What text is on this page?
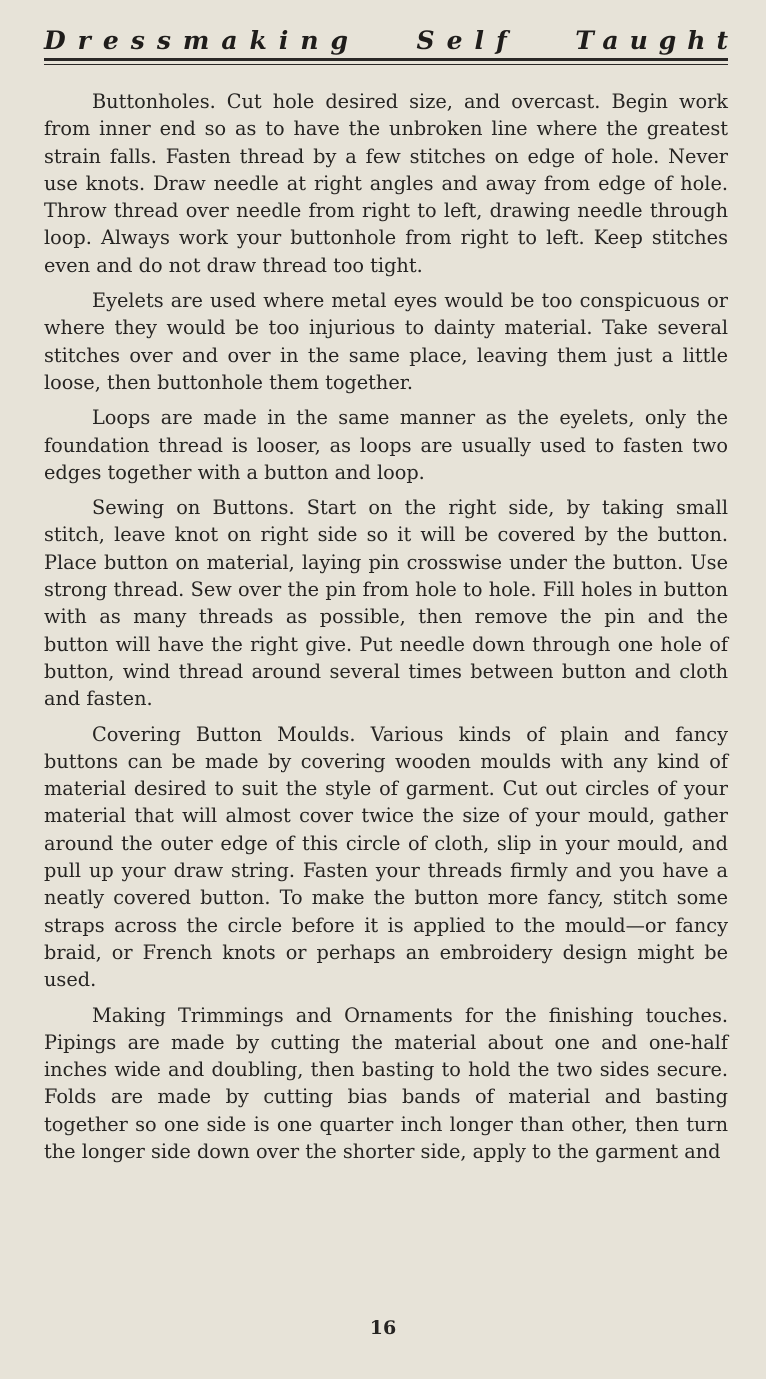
Dressmaking Self Taught

Buttonholes. Cut hole desired size, and overcast. Begin work from inner end so as to have the unbroken line where the greatest strain falls. Fasten thread by a few stitches on edge of hole. Never use knots. Draw needle at right angles and away from edge of hole. Throw thread over needle from right to left, drawing needle through loop. Always work your buttonhole from right to left. Keep stitches even and do not draw thread too tight.

Eyelets are used where metal eyes would be too conspicuous or where they would be too injurious to dainty material. Take several stitches over and over in the same place, leaving them just a little loose, then buttonhole them together.

Loops are made in the same manner as the eyelets, only the foundation thread is looser, as loops are usually used to fasten two edges together with a button and loop.

Sewing on Buttons. Start on the right side, by taking small stitch, leave knot on right side so it will be covered by the button. Place button on material, laying pin crosswise under the button. Use strong thread. Sew over the pin from hole to hole. Fill holes in button with as many threads as possible, then remove the pin and the button will have the right give. Put needle down through one hole of button, wind thread around several times between button and cloth and fasten.

Covering Button Moulds. Various kinds of plain and fancy buttons can be made by covering wooden moulds with any kind of material desired to suit the style of garment. Cut out circles of your material that will almost cover twice the size of your mould, gather around the outer edge of this circle of cloth, slip in your mould, and pull up your draw string. Fasten your threads firmly and you have a neatly covered button. To make the button more fancy, stitch some straps across the circle before it is applied to the mould—or fancy braid, or French knots or perhaps an embroidery design might be used.

Making Trimmings and Ornaments for the finishing touches. Pipings are made by cutting the material about one and one-half inches wide and doubling, then basting to hold the two sides secure. Folds are made by cutting bias bands of material and basting together so one side is one quarter inch longer than other, then turn the longer side down over the shorter side, apply to the garment and

16
